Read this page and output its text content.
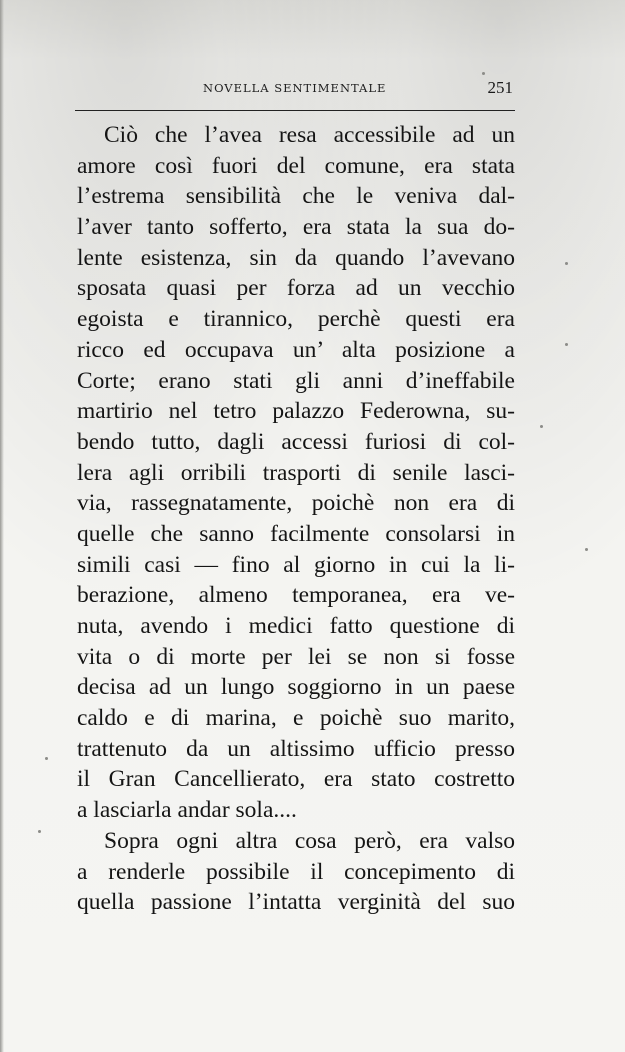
NOVELLA SENTIMENTALE	251
Ciò che l’avea resa accessibile ad un
amore così fuori del comune, era stata
l’estrema sensibilità che le veniva dal-
l’aver tanto sofferto, era stata la sua do-
lente esistenza, sin da quando l’avevano
sposata quasi per forza ad un vecchio
egoista e tirannico, perchè questi era
ricco ed occupava un’ alta posizione a
Corte; erano stati gli anni d’ineffabile
martirio nel tetro palazzo Federowna, su-
bendo tutto, dagli accessi furiosi di col-
lera agli orribili trasporti di senile lasci-
via, rassegnatamente, poichè non era di
quelle che sanno facilmente consolarsi in
simili casi — fino al giorno in cui la li-
berazione, almeno temporanea, era ve-
nuta, avendo i medici fatto questione di
vita o di morte per lei se non si fosse
decisa ad un lungo soggiorno in un paese
caldo e di marina, e poichè suo marito,
trattenuto da un altissimo ufficio presso
il Gran Cancellierato, era stato costretto
a lasciarla andar sola....
Sopra ogni altra cosa però, era valso
a renderle possibile il concepimento di
quella passione l’intatta verginità del suo
